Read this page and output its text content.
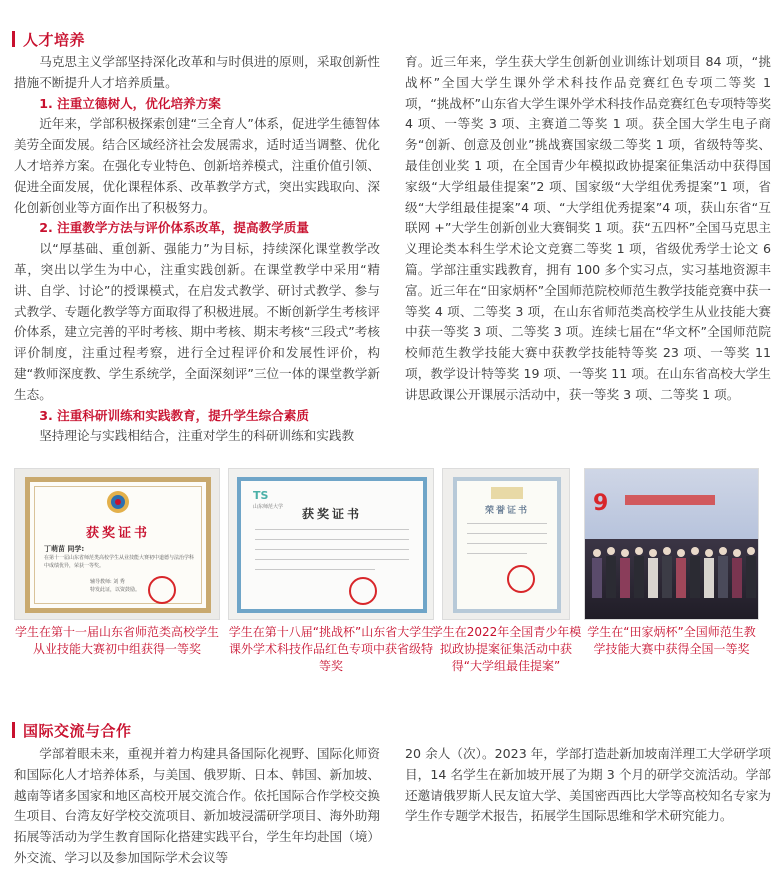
人才培养

马克思主义学部坚持深化改革和与时俱进的原则，采取创新性措施不断提升人才培养质量。

1. 注重立德树人，优化培养方案

近年来，学部积极探索创建“三全育人”体系，促进学生德智体美劳全面发展。结合区域经济社会发展需求，适时适当调整、优化人才培养方案。在强化专业特色、创新培养模式，注重价值引领、促进全面发展，优化课程体系、改革教学方式，突出实践取向、深化创新创业等方面作出了积极努力。

2. 注重教学方法与评价体系改革，提高教学质量

以“厚基础、重创新、强能力”为目标，持续深化课堂教学改革，突出以学生为中心，注重实践创新。在课堂教学中采用“精讲、自学、讨论”的授课模式，在启发式教学、研讨式教学、参与式教学、专题化教学等方面取得了积极进展。不断创新学生考核评价体系，建立完善的平时考核、期中考核、期末考核“三段式”考核评价制度，注重过程考察，进行全过程评价和发展性评价，构建“教师深度教、学生系统学，全面深刻评”三位一体的课堂教学新生态。

3. 注重科研训练和实践教育，提升学生综合素质

坚持理论与实践相结合，注重对学生的科研训练和实践教

育。近三年来，学生获大学生创新创业训练计划项目 84 项，“挑战杯”全国大学生课外学术科技作品竞赛红色专项二等奖 1 项，“挑战杯”山东省大学生课外学术科技作品竞赛红色专项特等奖 4 项、一等奖 3 项、主赛道二等奖 1 项。获全国大学生电子商务“创新、创意及创业”挑战赛国家级二等奖 1 项，省级特等奖、最佳创业奖 1 项，在全国青少年模拟政协提案征集活动中获得国家级“大学组最佳提案”2 项、国家级“大学组优秀提案”1 项，省级“大学组最佳提案”4 项、“大学组优秀提案”4 项，获山东省“互联网 +”大学生创新创业大赛铜奖 1 项。获“五四杯”全国马克思主义理论类本科生学术论文竞赛二等奖 1 项，省级优秀学士论文 6 篇。学部注重实践教育，拥有 100 多个实习点，实习基地资源丰富。近三年在“田家炳杯”全国师范院校师范生教学技能竞赛中获一等奖 4 项、二等奖 3 项，在山东省师范类高校学生从业技能大赛中获一等奖 3 项、二等奖 3 项。连续七届在“华文杯”全国师范院校师范生教学技能大赛中获教学技能特等奖 23 项、一等奖 11 项，教学设计特等奖 19 项、一等奖 11 项。在山东省高校大学生讲思政课公开课展示活动中，获一等奖 3 项、二等奖 1 项。

获奖证书
丁萌苗 同学:
在第十一届山东省师范类高校学生从业技能大赛初中道德与法治学科中成绩优异，荣获一等奖。
辅导教师: 刘 秀
特发此证，以资鼓励。
TS
山东师范大学	获奖证书	荣誉证书	9
学生在第十一届山东省师范类高校学生从业技能大赛初中组获得一等奖
学生在第十八届“挑战杯”山东省大学生课外学术科技作品红色专项中获省级特等奖
学生在2022年全国青少年模拟政协提案征集活动中获得“大学组最佳提案”
学生在“田家炳杯”全国师范生教学技能大赛中获得全国一等奖
国际交流与合作

学部着眼未来，重视并着力构建具备国际化视野、国际化师资和国际化人才培养体系，与美国、俄罗斯、日本、韩国、新加坡、越南等诸多国家和地区高校开展交流合作。依托国际合作学校交换生项目、台湾友好学校交流项目、新加坡浸濡研学项目、海外助翔拓展等活动为学生教育国际化搭建实践平台，学生年均赴国（境）外交流、学习以及参加国际学术会议等

20 余人（次）。2023 年，学部打造赴新加坡南洋理工大学研学项目，14 名学生在新加坡开展了为期 3 个月的研学交流活动。学部还邀请俄罗斯人民友谊大学、美国密西西比大学等高校知名专家为学生作专题学术报告，拓展学生国际思维和学术研究能力。
